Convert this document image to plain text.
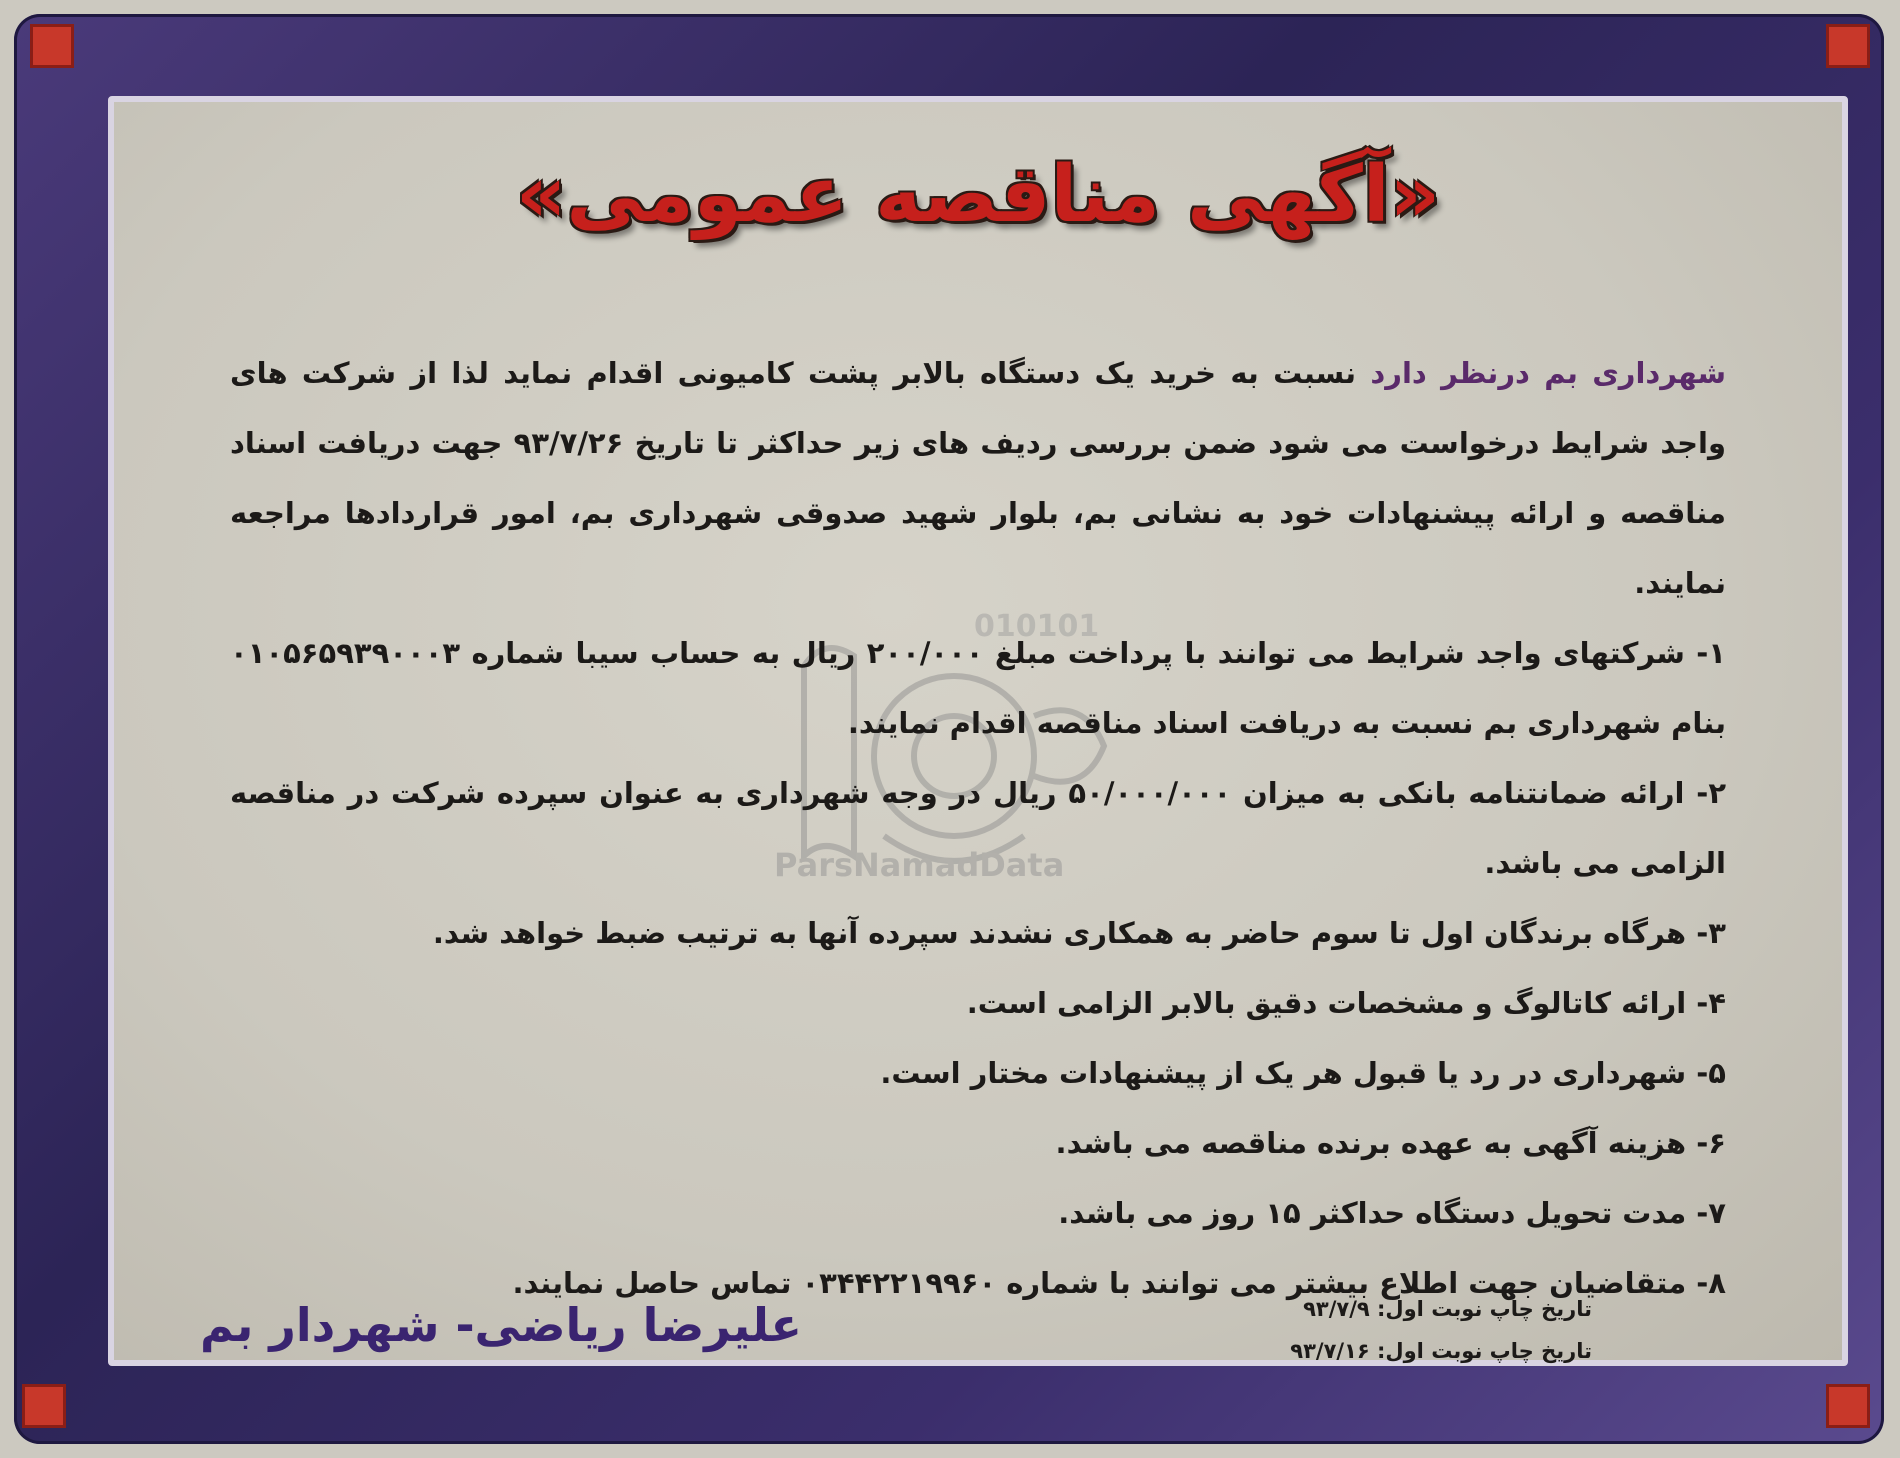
«آگهی مناقصه عمومی»
010101
ParsNamadData

شهرداری بم درنظر دارد نسبت به خرید یک دستگاه بالابر پشت کامیونی اقدام نماید لذا از شرکت های واجد شرایط درخواست می شود ضمن بررسی ردیف های زیر حداکثر تا تاریخ ۹۳/۷/۲۶ جهت دریافت اسناد مناقصه و ارائه پیشنهادات خود به نشانی بم، بلوار شهید صدوقی شهرداری بم، امور قراردادها مراجعه نمایند.

۱- شرکتهای واجد شرایط می توانند با پرداخت مبلغ ۲۰۰/۰۰۰ ریال به حساب سیبا شماره ۰۱۰۵۶۵۹۳۹۰۰۰۳ بنام شهرداری بم نسبت به دریافت اسناد مناقصه اقدام نمایند.

۲- ارائه ضمانتنامه بانکی به میزان ۵۰/۰۰۰/۰۰۰ ریال در وجه شهرداری به عنوان سپرده شرکت در مناقصه الزامی می باشد.

۳- هرگاه برندگان اول تا سوم حاضر به همکاری نشدند سپرده آنها به ترتیب ضبط خواهد شد.

۴- ارائه کاتالوگ و مشخصات دقیق بالابر الزامی است.

۵- شهرداری در رد یا قبول هر یک از پیشنهادات مختار است.

۶- هزینه آگهی به عهده برنده مناقصه می باشد.

۷- مدت تحویل دستگاه حداکثر ۱۵ روز می باشد.

۸- متقاضیان جهت اطلاع بیشتر می توانند با شماره ۰۳۴۴۲۲۱۹۹۶۰ تماس حاصل نمایند.

تاریخ چاپ نوبت اول: ۹۳/۷/۹
تاریخ چاپ نوبت اول: ۹۳/۷/۱۶
علیرضا ریاضی- شهردار بم
